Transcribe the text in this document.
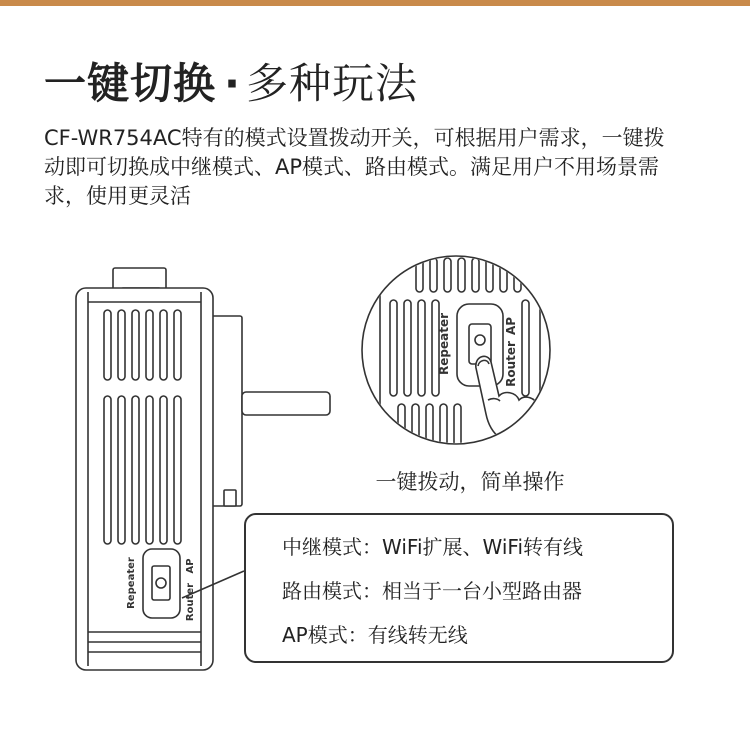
一键切换 · 多种玩法
CF-WR754AC特有的模式设置拨动开关，可根据用户需求，一键拨
动即可切换成中继模式、AP模式、路由模式。满足用户不用场景需
求，使用更灵活
Repeater	AP
Router
Repeater	AP
Router
一键拨动，简单操作
中继模式：WiFi扩展、WiFi转有线
路由模式：相当于一台小型路由器
AP模式：有线转无线
